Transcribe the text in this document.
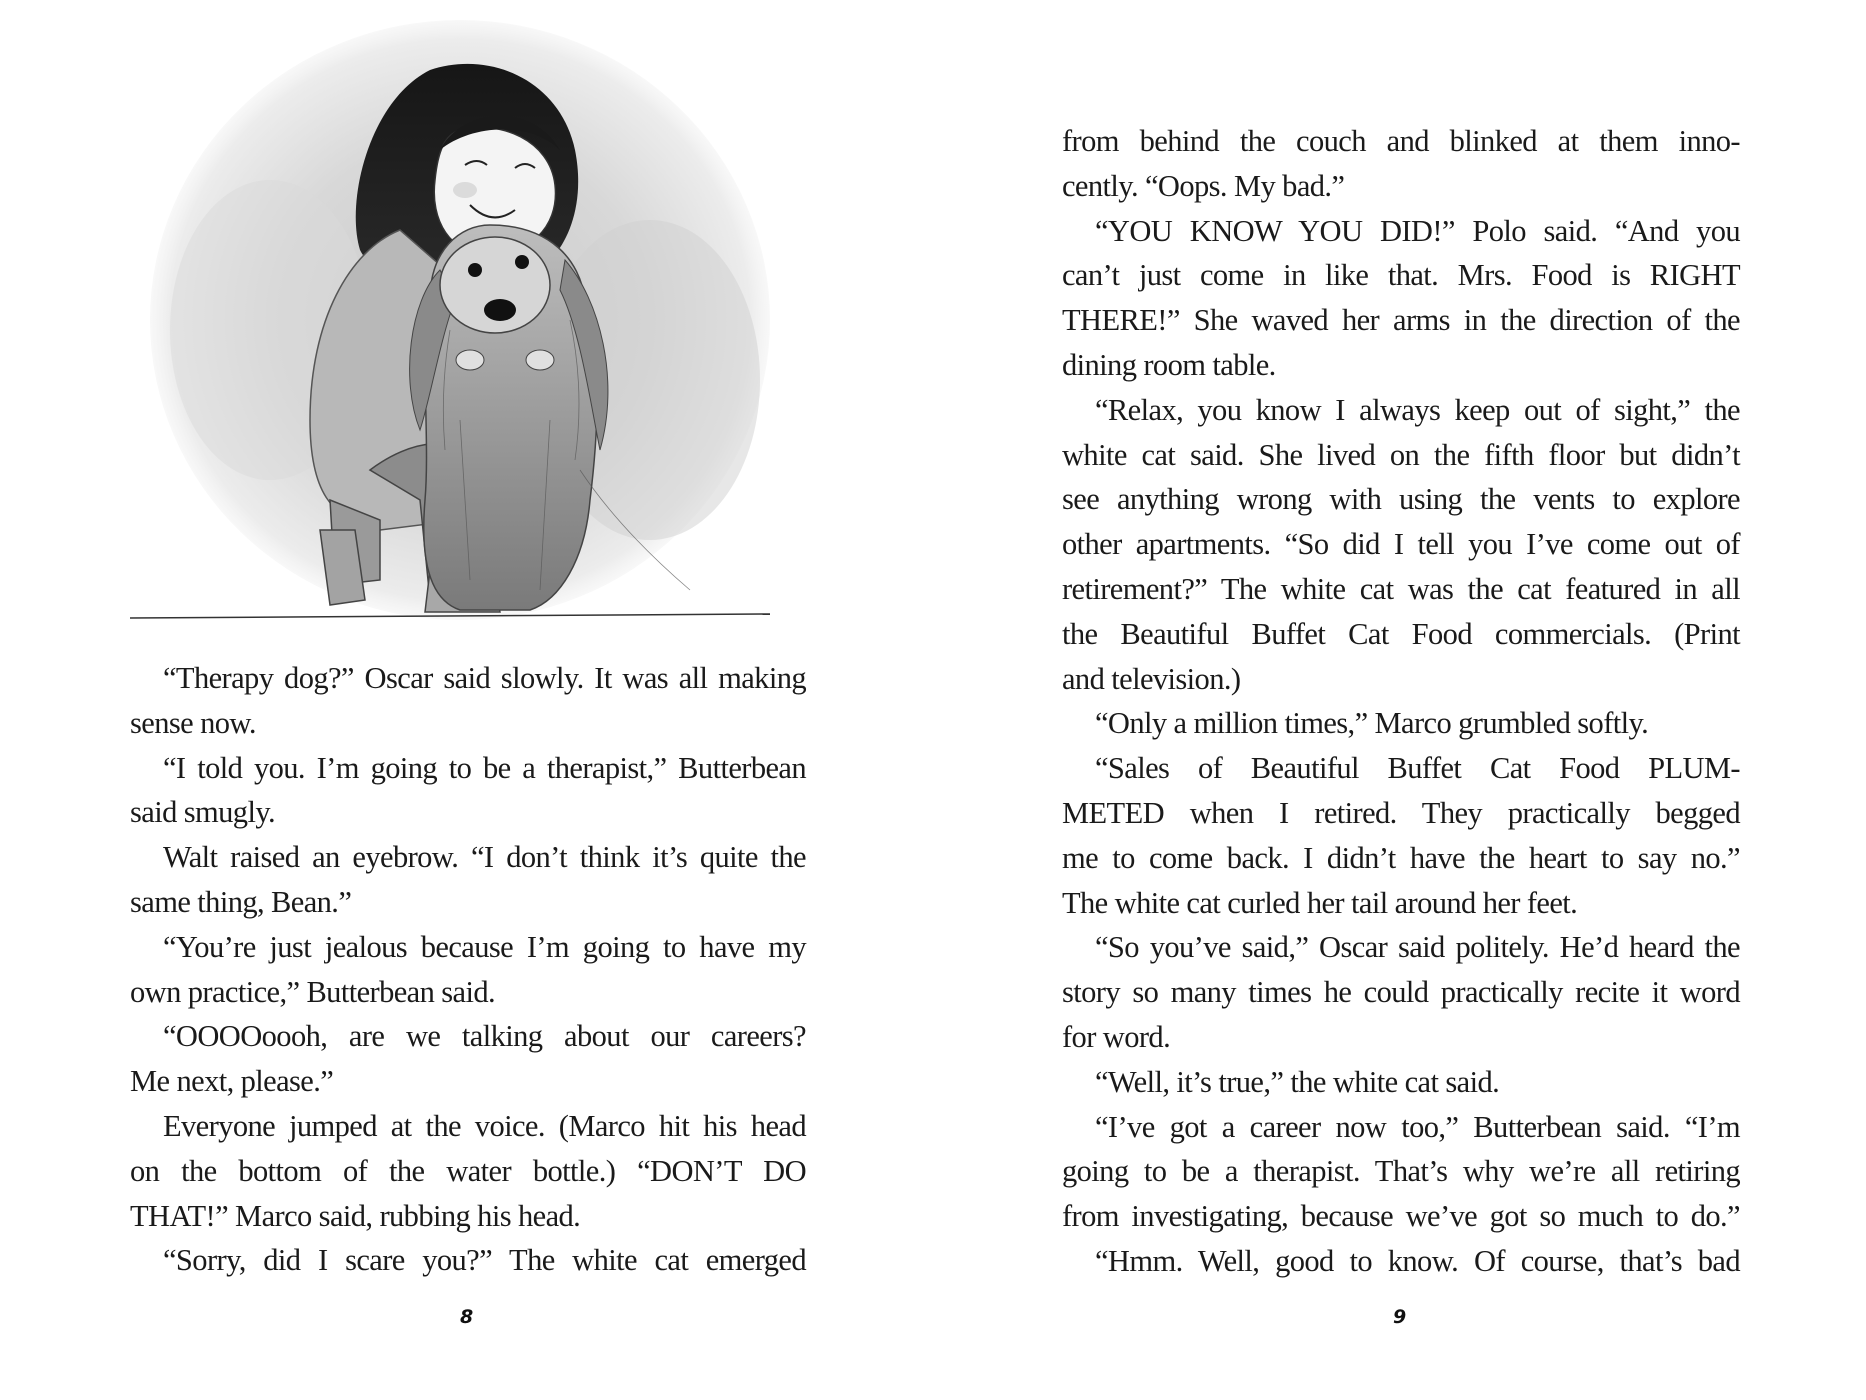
“Therapy dog?” Oscar said slowly. It was all making
sense now.
“I told you. I’m going to be a therapist,” Butterbean
said smugly.
Walt raised an eyebrow. “I don’t think it’s quite the
same thing, Bean.”
“You’re just jealous because I’m going to have my
own practice,” Butterbean said.
“OOOOoooh, are we talking about our careers?
Me next, please.”
Everyone jumped at the voice. (Marco hit his head
on the bottom of the water bottle.) “DON’T DO
THAT!” Marco said, rubbing his head.
“Sorry, did I scare you?” The white cat emerged
8
from behind the couch and blinked at them inno-
cently. “Oops. My bad.”
“YOU KNOW YOU DID!” Polo said. “And you
can’t just come in like that. Mrs. Food is RIGHT
THERE!” She waved her arms in the direction of the
dining room table.
“Relax, you know I always keep out of sight,” the
white cat said. She lived on the fifth floor but didn’t
see anything wrong with using the vents to explore
other apartments. “So did I tell you I’ve come out of
retirement?” The white cat was the cat featured in all
the Beautiful Buffet Cat Food commercials. (Print
and television.)
“Only a million times,” Marco grumbled softly.
“Sales of Beautiful Buffet Cat Food PLUM-
METED when I retired. They practically begged
me to come back. I didn’t have the heart to say no.”
The white cat curled her tail around her feet.
“So you’ve said,” Oscar said politely. He’d heard the
story so many times he could practically recite it word
for word.
“Well, it’s true,” the white cat said.
“I’ve got a career now too,” Butterbean said. “I’m
going to be a therapist. That’s why we’re all retiring
from investigating, because we’ve got so much to do.”
“Hmm. Well, good to know. Of course, that’s bad
9
